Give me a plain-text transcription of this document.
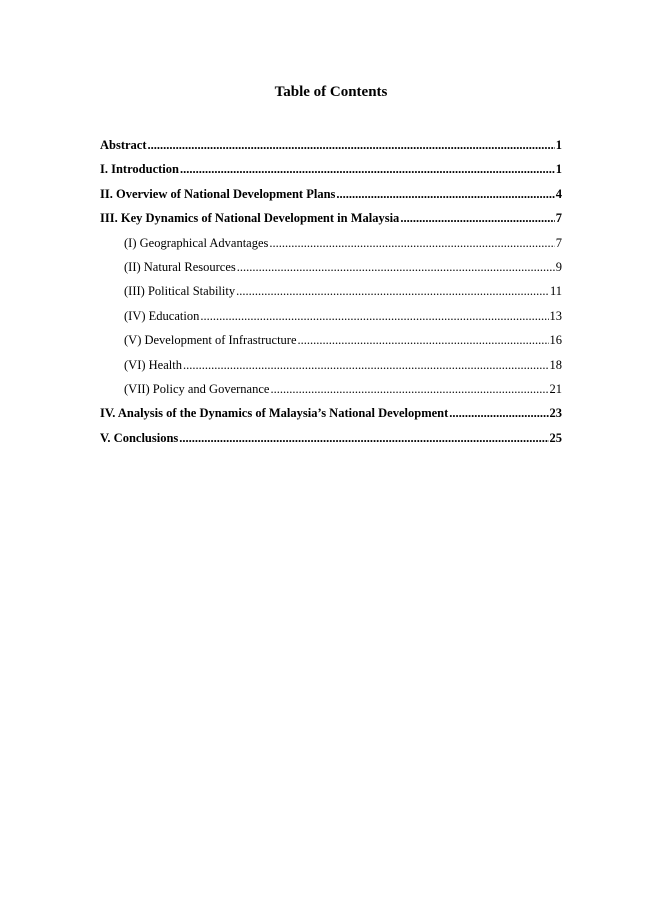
Table of Contents
Abstract .....	1
I. Introduction .....	1
II. Overview of National Development Plans .....	4
III. Key Dynamics of National Development in Malaysia .....	7
(I) Geographical Advantages .....	7
(II) Natural Resources .....	9
(III) Political Stability .....	11
(IV) Education .....	13
(V) Development of Infrastructure .....	16
(VI) Health .....	18
(VII) Policy and Governance .....	21
IV. Analysis of the Dynamics of Malaysia’s National Development .....	23
V. Conclusions .....	25
